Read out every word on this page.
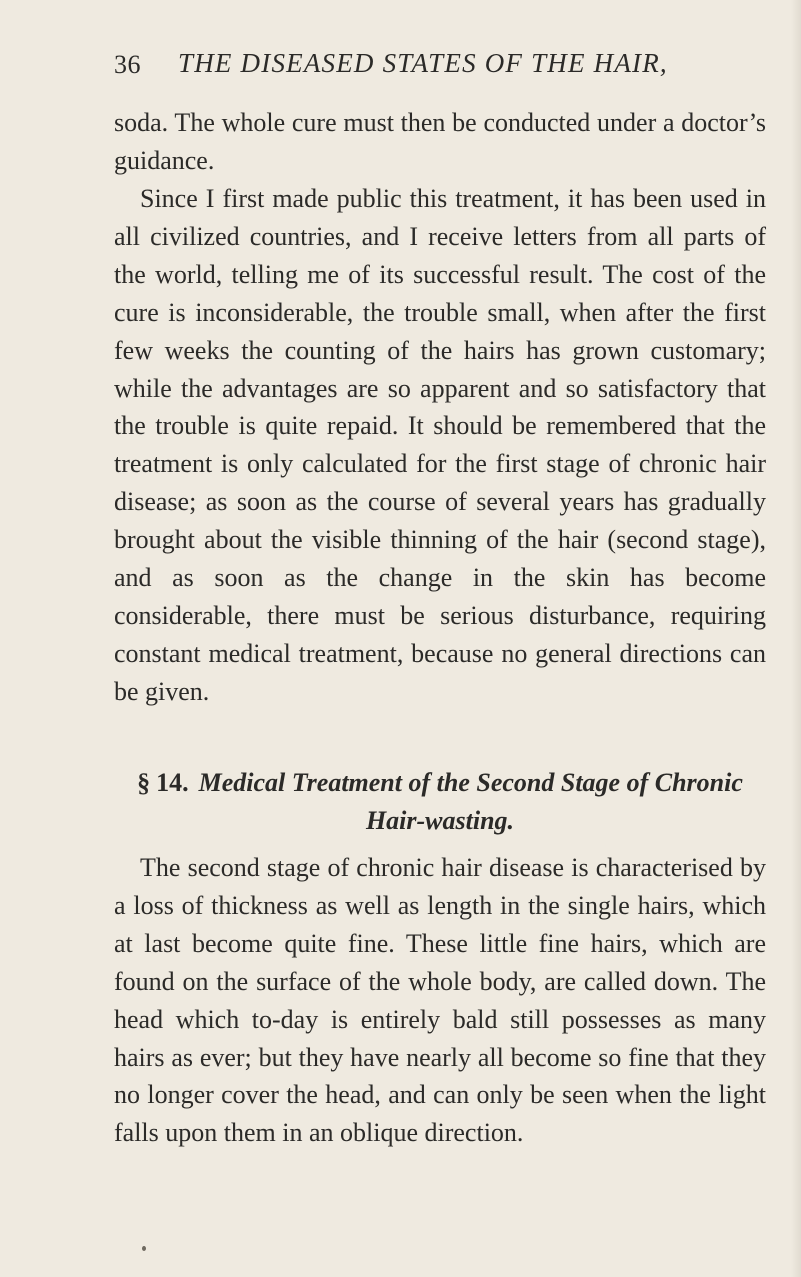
36 THE DISEASED STATES OF THE HAIR,

soda. The whole cure must then be conducted under a doctor’s guidance.

Since I first made public this treatment, it has been used in all civilized countries, and I receive letters from all parts of the world, telling me of its successful result. The cost of the cure is inconsiderable, the trouble small, when after the first few weeks the counting of the hairs has grown customary; while the advantages are so apparent and so satisfactory that the trouble is quite repaid. It should be remembered that the treatment is only calculated for the first stage of chronic hair disease; as soon as the course of several years has gradually brought about the visible thinning of the hair (second stage), and as soon as the change in the skin has become considerable, there must be serious disturbance, requiring constant medical treatment, because no general directions can be given.

§ 14. Medical Treatment of the Second Stage of Chronic Hair-wasting.

The second stage of chronic hair disease is characterised by a loss of thickness as well as length in the single hairs, which at last become quite fine. These little fine hairs, which are found on the surface of the whole body, are called down. The head which to-day is entirely bald still possesses as many hairs as ever; but they have nearly all become so fine that they no longer cover the head, and can only be seen when the light falls upon them in an oblique direction.
